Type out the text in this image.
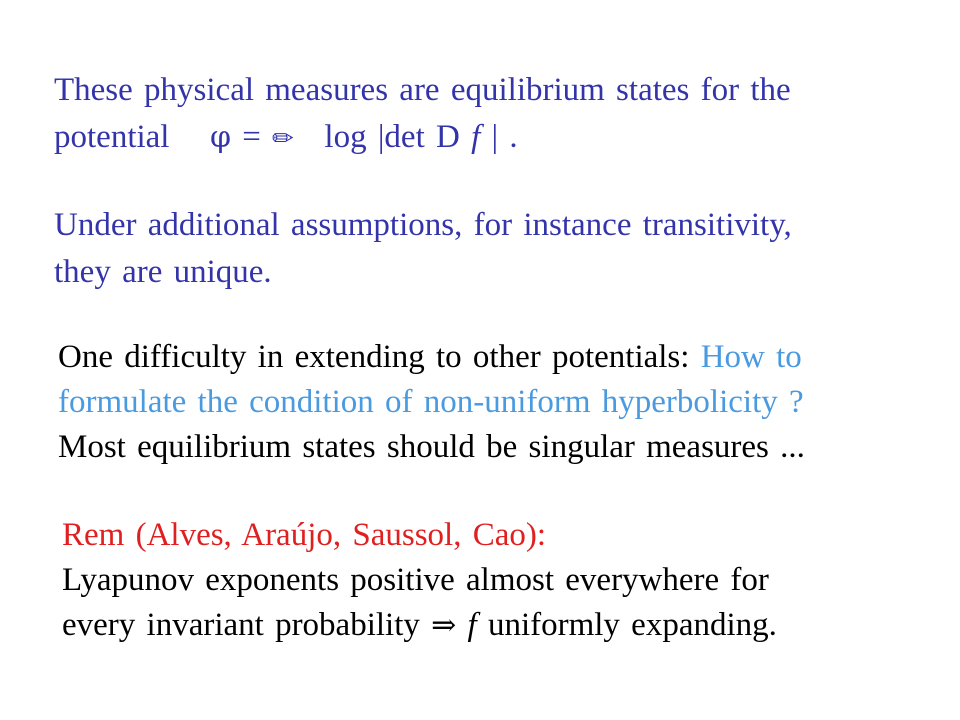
These physical measures are equilibrium states for the
potential φ = ✏ log |det D f | .
Under additional assumptions, for instance transitivity,
they are unique.
One difficulty in extending to other potentials: How to
formulate the condition of non-uniform hyperbolicity ?
Most equilibrium states should be singular measures ...
Rem (Alves, Araújo, Saussol, Cao):
Lyapunov exponents positive almost everywhere for
every invariant probability ⇒ f uniformly expanding.
